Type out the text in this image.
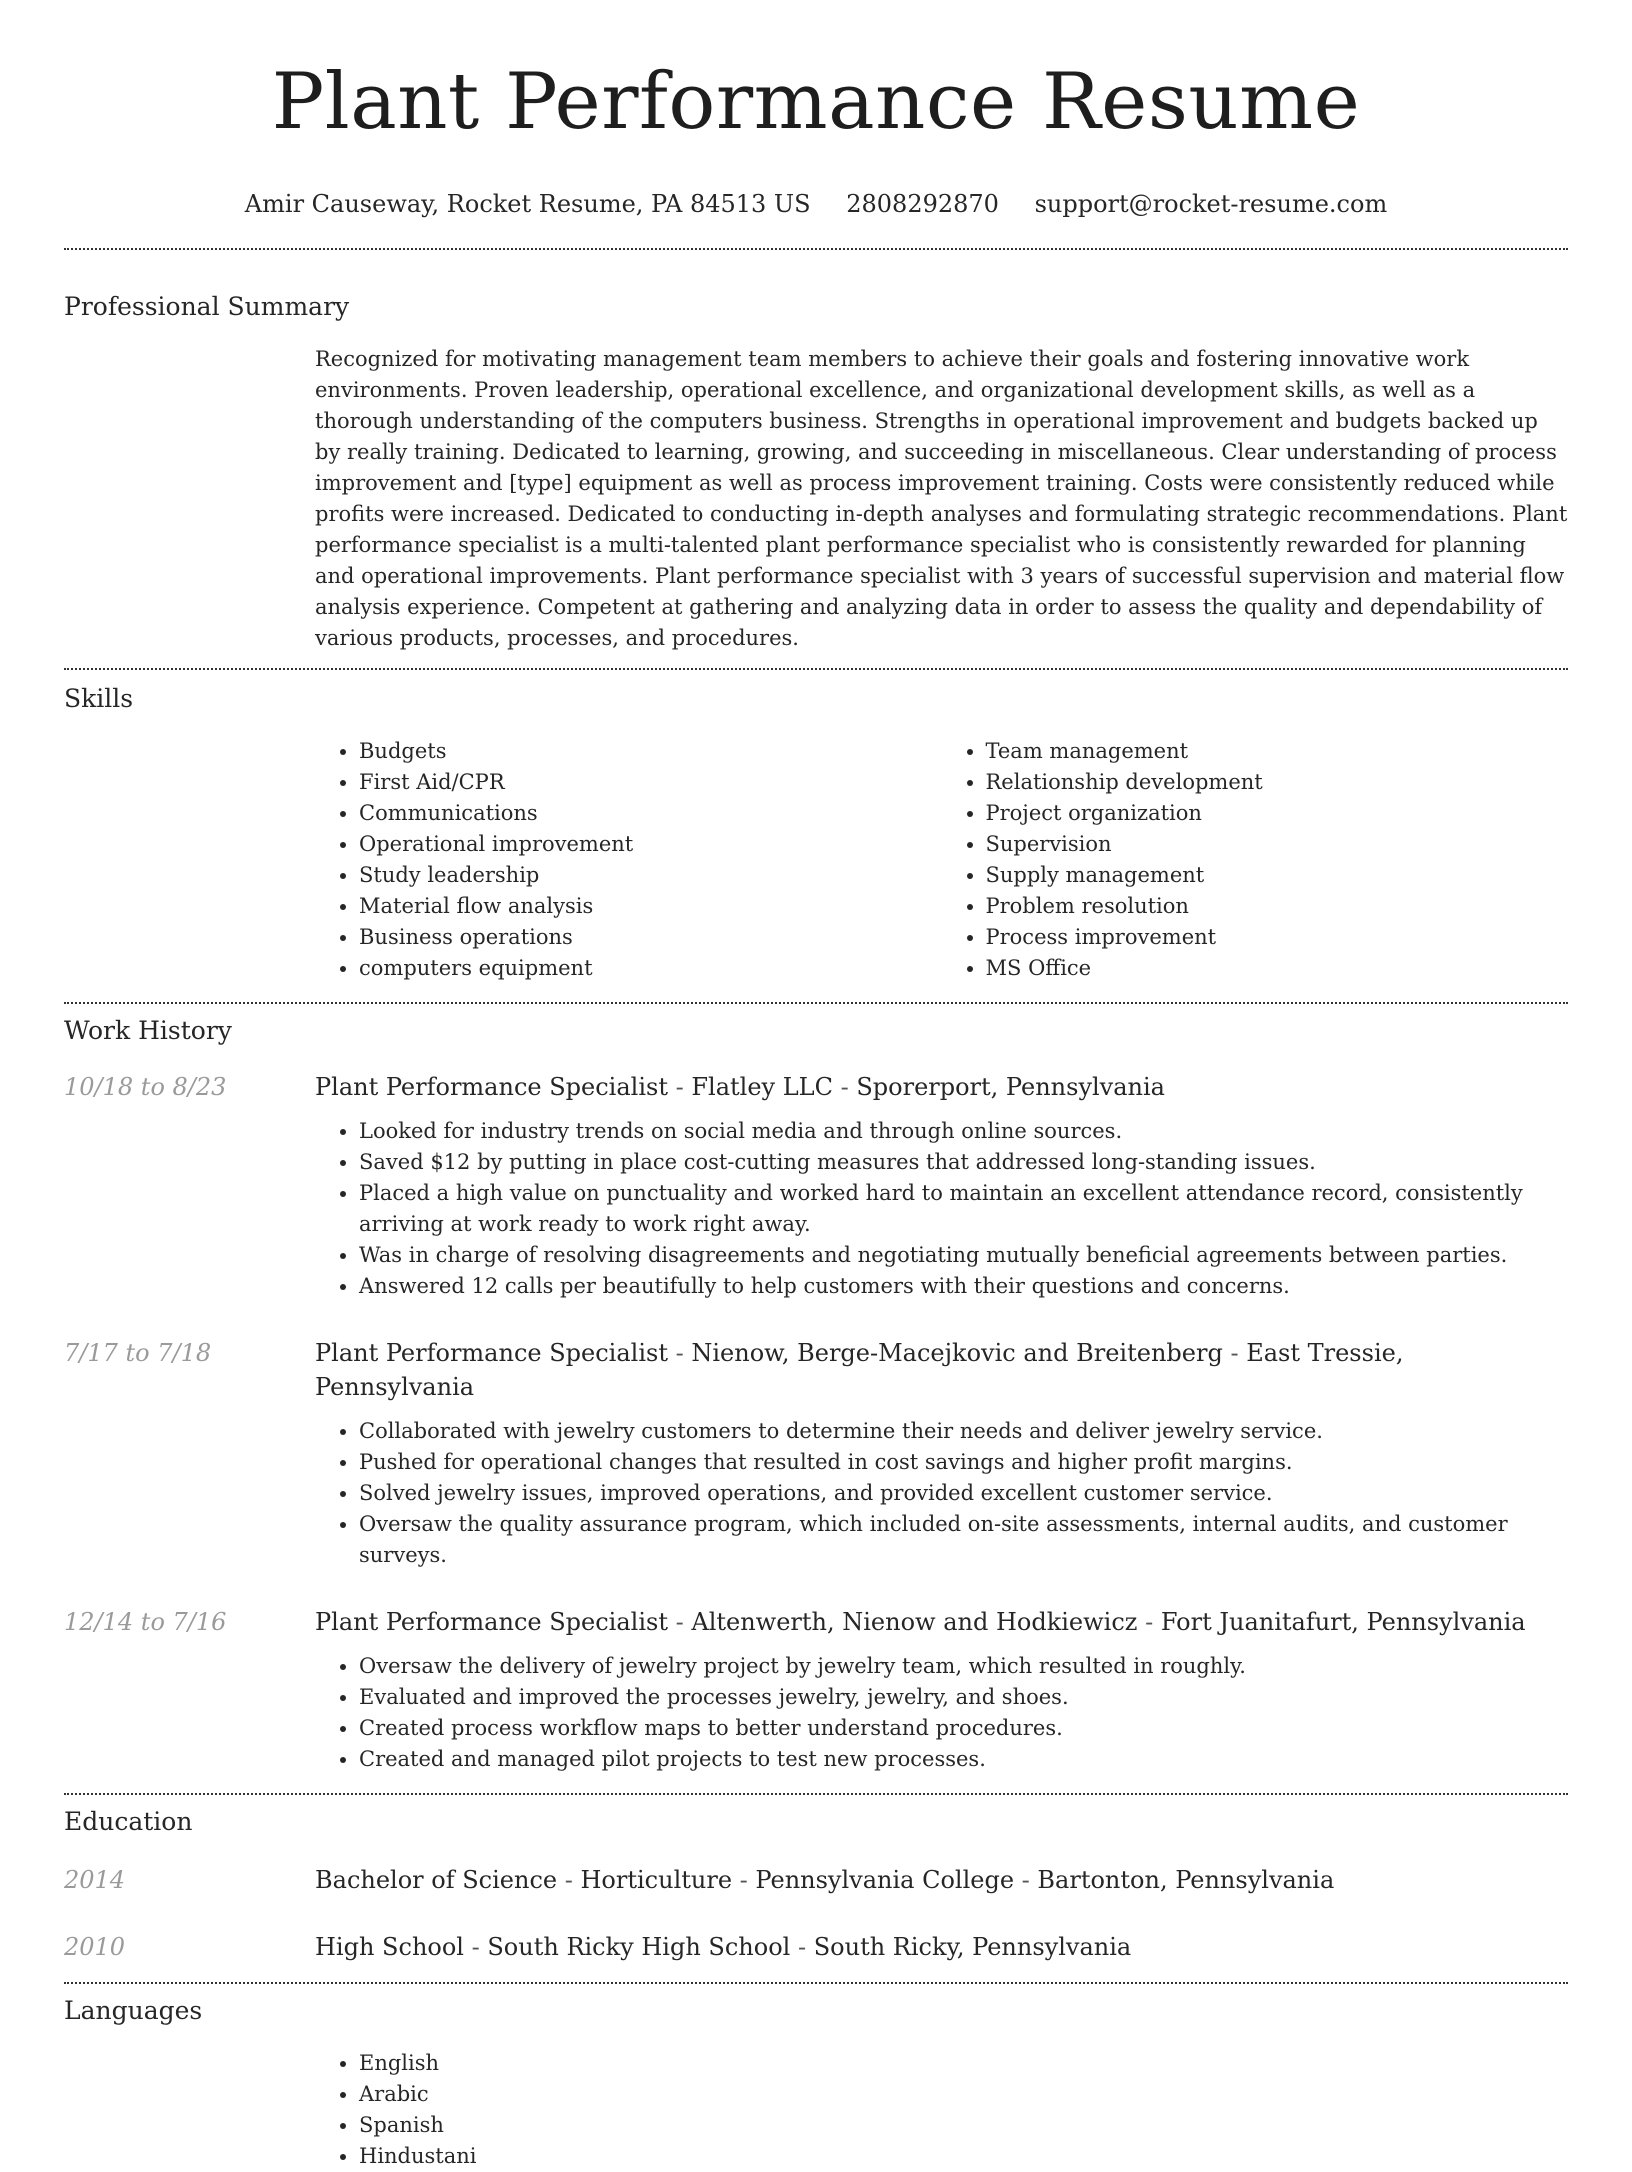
Plant Performance Resume
Amir Causeway, Rocket Resume, PA 84513 US 2808292870 support@rocket-resume.com
Professional Summary
Recognized for motivating management team members to achieve their goals and fostering innovative work environments. Proven leadership, operational excellence, and organizational development skills, as well as a thorough understanding of the computers business. Strengths in operational improvement and budgets backed up by really training. Dedicated to learning, growing, and succeeding in miscellaneous. Clear understanding of process improvement and [type] equipment as well as process improvement training. Costs were consistently reduced while profits were increased. Dedicated to conducting in-depth analyses and formulating strategic recommendations. Plant performance specialist is a multi-talented plant performance specialist who is consistently rewarded for planning and operational improvements. Plant performance specialist with 3 years of successful supervision and material flow analysis experience. Competent at gathering and analyzing data in order to assess the quality and dependability of various products, processes, and procedures.
Skills
• Budgets
• First Aid/CPR
• Communications
• Operational improvement
• Study leadership
• Material flow analysis
• Business operations
• computers equipment
• Team management
• Relationship development
• Project organization
• Supervision
• Supply management
• Problem resolution
• Process improvement
• MS Office
Work History
10/18 to 8/23	Plant Performance Specialist - Flatley LLC - Sporerport, Pennsylvania
• Looked for industry trends on social media and through online sources.
• Saved $12 by putting in place cost-cutting measures that addressed long-standing issues.
• Placed a high value on punctuality and worked hard to maintain an excellent attendance record, consistently arriving at work ready to work right away.
• Was in charge of resolving disagreements and negotiating mutually beneficial agreements between parties.
• Answered 12 calls per beautifully to help customers with their questions and concerns.
7/17 to 7/18	Plant Performance Specialist - Nienow, Berge-Macejkovic and Breitenberg - East Tressie, Pennsylvania
• Collaborated with jewelry customers to determine their needs and deliver jewelry service.
• Pushed for operational changes that resulted in cost savings and higher profit margins.
• Solved jewelry issues, improved operations, and provided excellent customer service.
• Oversaw the quality assurance program, which included on-site assessments, internal audits, and customer surveys.
12/14 to 7/16	Plant Performance Specialist - Altenwerth, Nienow and Hodkiewicz - Fort Juanitafurt, Pennsylvania
• Oversaw the delivery of jewelry project by jewelry team, which resulted in roughly.
• Evaluated and improved the processes jewelry, jewelry, and shoes.
• Created process workflow maps to better understand procedures.
• Created and managed pilot projects to test new processes.
Education
2014	Bachelor of Science - Horticulture - Pennsylvania College - Bartonton, Pennsylvania
2010	High School - South Ricky High School - South Ricky, Pennsylvania
Languages
• English
• Arabic
• Spanish
• Hindustani
